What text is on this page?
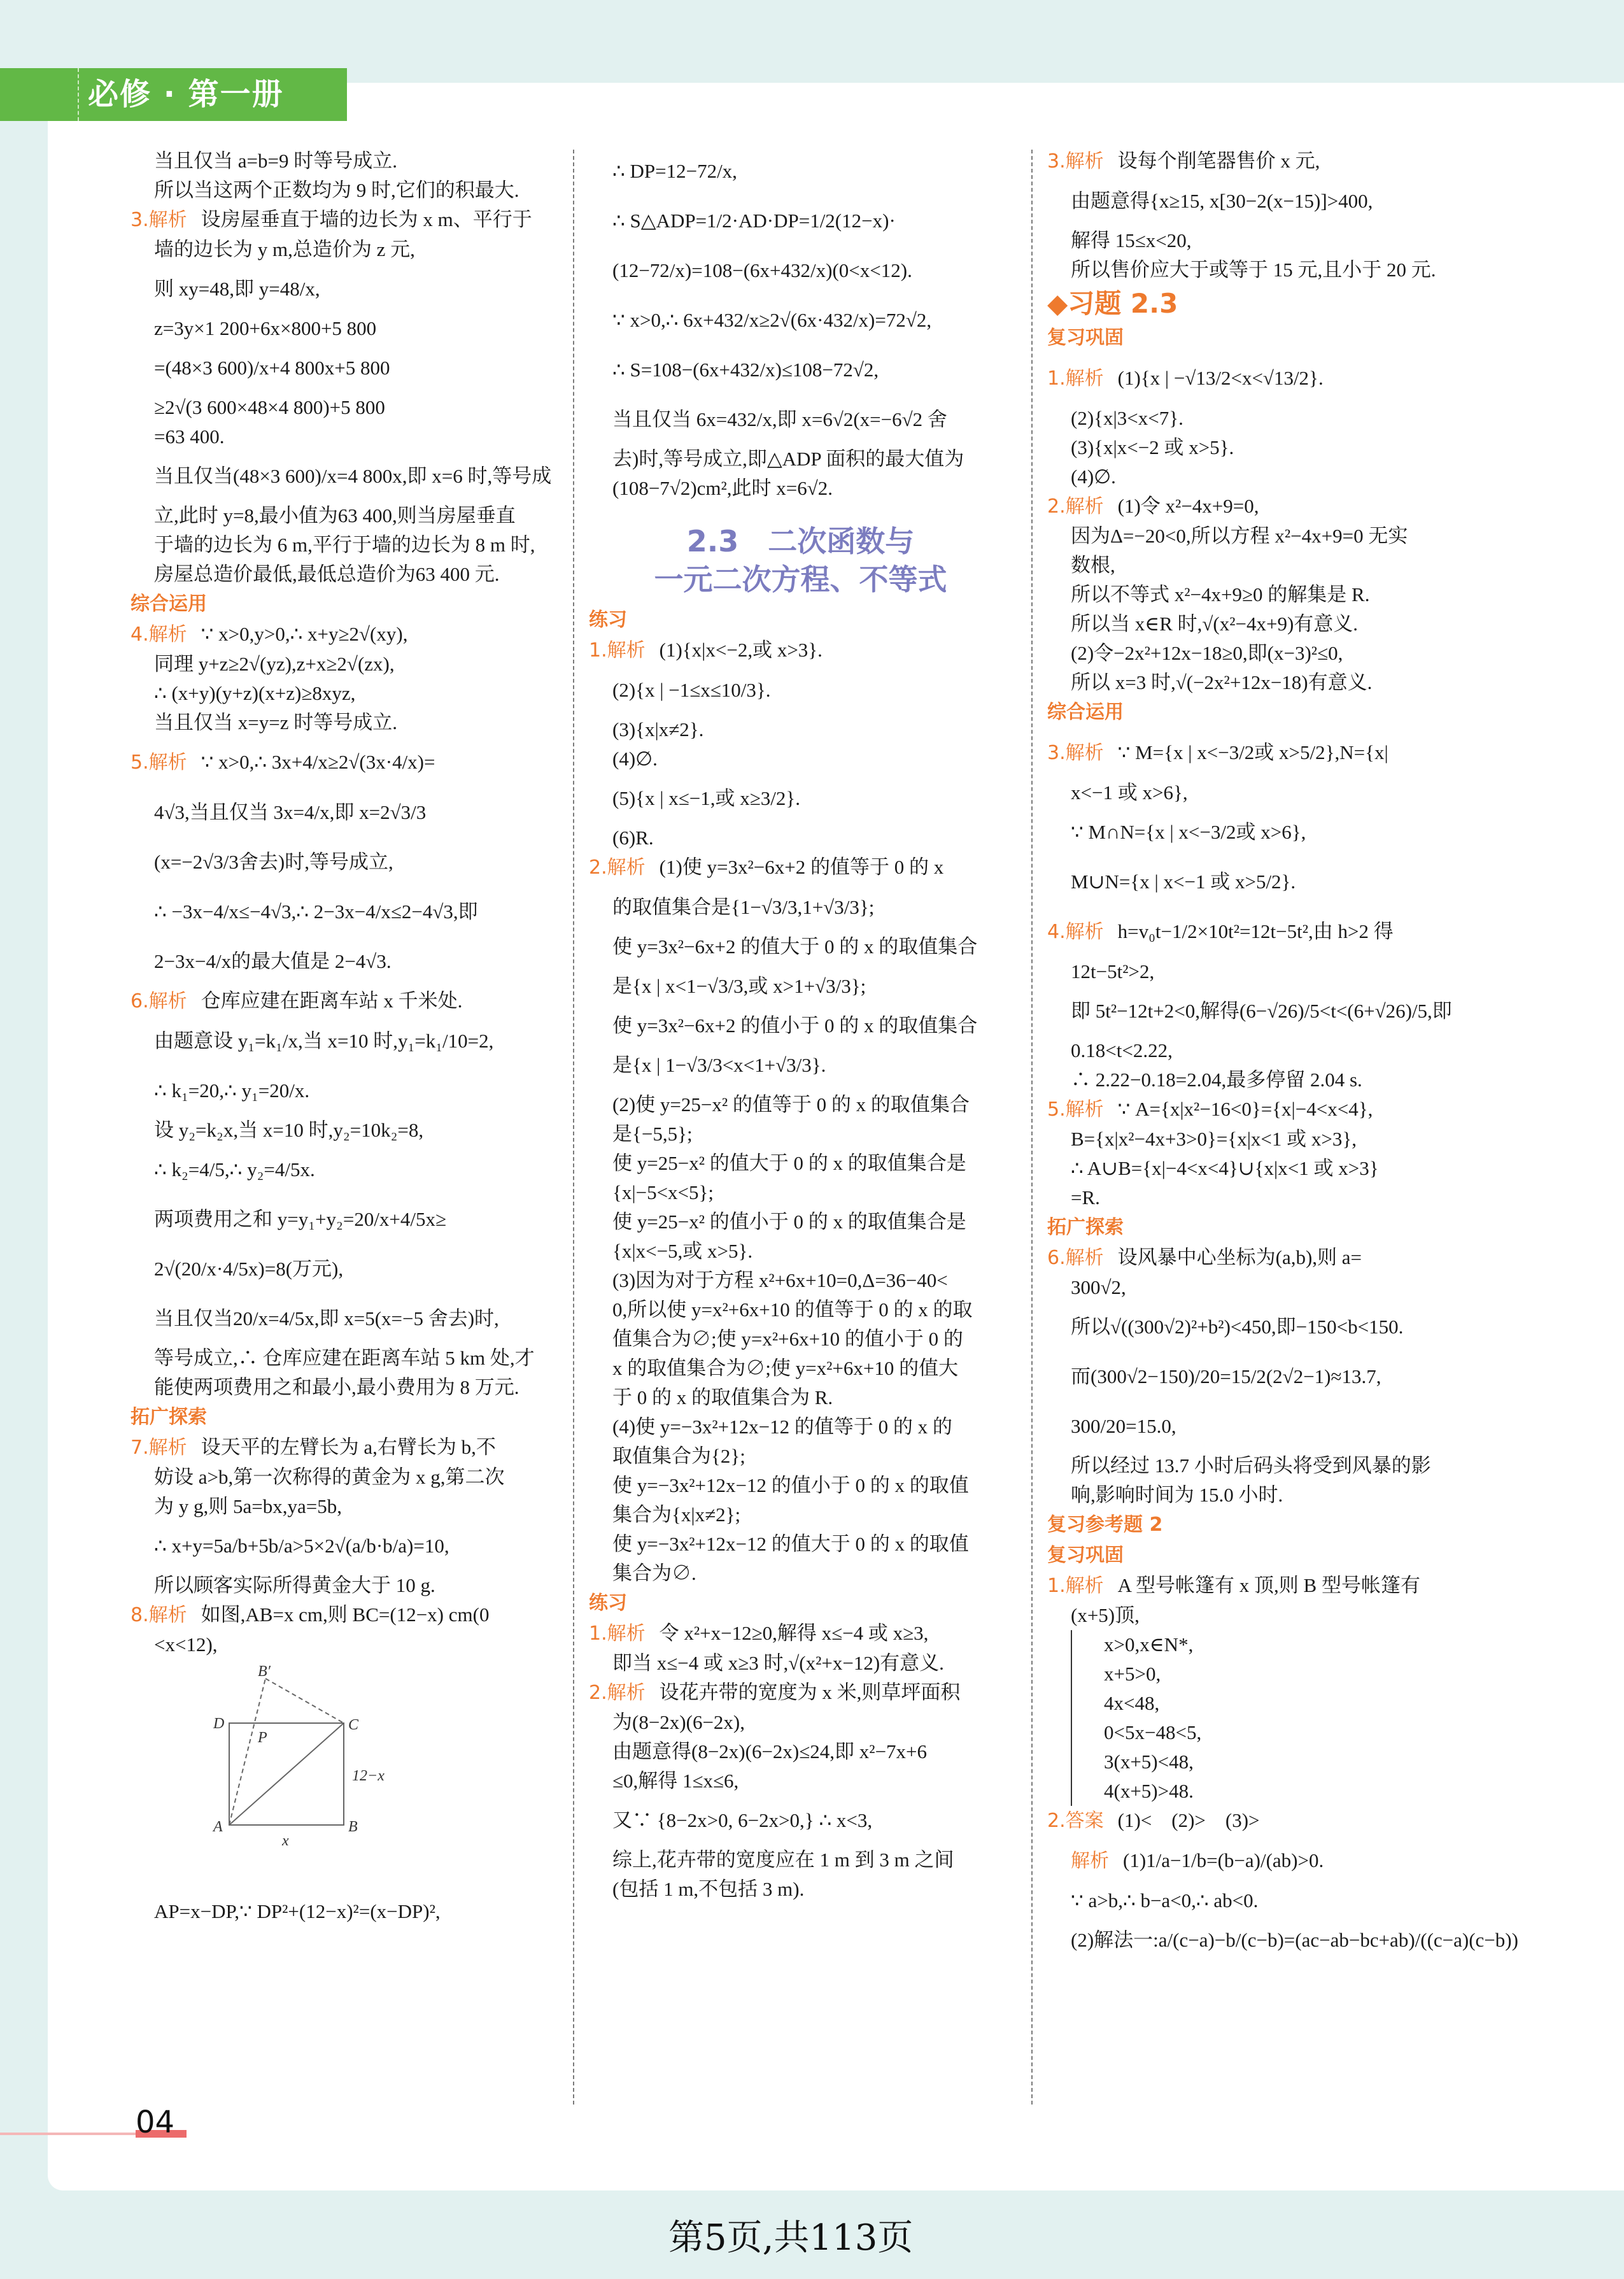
必修 · 第一册
当且仅当 a=b=9 时等号成立.
所以当这两个正数均为 9 时,它们的积最大.
3.解析 设房屋垂直于墙的边长为 x m、平行于
墙的边长为 y m,总造价为 z 元,
则 xy=48,即 y=48/x,
z=3y×1 200+6x×800+5 800
=(48×3 600)/x+4 800x+5 800
≥2√(3 600×48×4 800)+5 800
=63 400.
当且仅当(48×3 600)/x=4 800x,即 x=6 时,等号成
立,此时 y=8,最小值为63 400,则当房屋垂直
于墙的边长为 6 m,平行于墙的边长为 8 m 时,
房屋总造价最低,最低总造价为63 400 元.
综合运用
4.解析 ∵ x>0,y>0,∴ x+y≥2√(xy),
同理 y+z≥2√(yz),z+x≥2√(zx),
∴ (x+y)(y+z)(x+z)≥8xyz,
当且仅当 x=y=z 时等号成立.
5.解析 ∵ x>0,∴ 3x+4/x≥2√(3x·4/x)=
4√3,当且仅当 3x=4/x,即 x=2√3/3
(x=−2√3/3舍去)时,等号成立,
∴ −3x−4/x≤−4√3,∴ 2−3x−4/x≤2−4√3,即
2−3x−4/x的最大值是 2−4√3.
6.解析 仓库应建在距离车站 x 千米处.
由题意设 y₁=k₁/x,当 x=10 时,y₁=k₁/10=2,
∴ k₁=20,∴ y₁=20/x.
设 y₂=k₂x,当 x=10 时,y₂=10k₂=8,
∴ k₂=4/5,∴ y₂=4/5x.
两项费用之和 y=y₁+y₂=20/x+4/5x≥
2√(20/x·4/5x)=8(万元),
当且仅当20/x=4/5x,即 x=5(x=−5 舍去)时,
等号成立,∴ 仓库应建在距离车站 5 km 处,才
能使两项费用之和最小,最小费用为 8 万元.
拓广探索
7.解析 设天平的左臂长为 a,右臂长为 b,不
妨设 a>b,第一次称得的黄金为 x g,第二次
为 y g,则 5a=bx,ya=5b,
∴ x+y=5a/b+5b/a>5×2√(a/b·b/a)=10,
所以顾客实际所得黄金大于 10 g.
8.解析 如图,AB=x cm,则 BC=(12−x) cm(0
<x<12),
D	C
A	B
P
B′
12−x
x
AP=x−DP,∵ DP²+(12−x)²=(x−DP)²,
∴ DP=12−72/x,
∴ S△ADP=1/2·AD·DP=1/2(12−x)·
(12−72/x)=108−(6x+432/x)(0<x<12).
∵ x>0,∴ 6x+432/x≥2√(6x·432/x)=72√2,
∴ S=108−(6x+432/x)≤108−72√2,
当且仅当 6x=432/x,即 x=6√2(x=−6√2 舍
去)时,等号成立,即△ADP 面积的最大值为
(108−7√2)cm²,此时 x=6√2.
2.3　二次函数与
一元二次方程、不等式
练习
1.解析 (1){x|x<−2,或 x>3}.
(2){x | −1≤x≤10/3}.
(3){x|x≠2}.
(4)∅.
(5){x | x≤−1,或 x≥3/2}.
(6)R.
2.解析 (1)使 y=3x²−6x+2 的值等于 0 的 x
的取值集合是{1−√3/3,1+√3/3};
使 y=3x²−6x+2 的值大于 0 的 x 的取值集合
是{x | x<1−√3/3,或 x>1+√3/3};
使 y=3x²−6x+2 的值小于 0 的 x 的取值集合
是{x | 1−√3/3<x<1+√3/3}.
(2)使 y=25−x² 的值等于 0 的 x 的取值集合
是{−5,5};
使 y=25−x² 的值大于 0 的 x 的取值集合是
{x|−5<x<5};
使 y=25−x² 的值小于 0 的 x 的取值集合是
{x|x<−5,或 x>5}.
(3)因为对于方程 x²+6x+10=0,Δ=36−40<
0,所以使 y=x²+6x+10 的值等于 0 的 x 的取
值集合为∅;使 y=x²+6x+10 的值小于 0 的
x 的取值集合为∅;使 y=x²+6x+10 的值大
于 0 的 x 的取值集合为 R.
(4)使 y=−3x²+12x−12 的值等于 0 的 x 的
取值集合为{2};
使 y=−3x²+12x−12 的值小于 0 的 x 的取值
集合为{x|x≠2};
使 y=−3x²+12x−12 的值大于 0 的 x 的取值
集合为∅.
练习
1.解析 令 x²+x−12≥0,解得 x≤−4 或 x≥3,
即当 x≤−4 或 x≥3 时,√(x²+x−12)有意义.
2.解析 设花卉带的宽度为 x 米,则草坪面积
为(8−2x)(6−2x),
由题意得(8−2x)(6−2x)≤24,即 x²−7x+6
≤0,解得 1≤x≤6,
又∵ {8−2x>0, 6−2x>0,} ∴ x<3,
综上,花卉带的宽度应在 1 m 到 3 m 之间
(包括 1 m,不包括 3 m).
3.解析 设每个削笔器售价 x 元,
由题意得{x≥15, x[30−2(x−15)]>400,
解得 15≤x<20,
所以售价应大于或等于 15 元,且小于 20 元.
◆习题 2.3
复习巩固
1.解析 (1){x | −√13/2<x<√13/2}.
(2){x|3<x<7}.
(3){x|x<−2 或 x>5}.
(4)∅.
2.解析 (1)令 x²−4x+9=0,
因为Δ=−20<0,所以方程 x²−4x+9=0 无实
数根,
所以不等式 x²−4x+9≥0 的解集是 R.
所以当 x∈R 时,√(x²−4x+9)有意义.
(2)令−2x²+12x−18≥0,即(x−3)²≤0,
所以 x=3 时,√(−2x²+12x−18)有意义.
综合运用
3.解析 ∵ M={x | x<−3/2或 x>5/2},N={x|
x<−1 或 x>6},
∵ M∩N={x | x<−3/2或 x>6},
M∪N={x | x<−1 或 x>5/2}.
4.解析 h=v₀t−1/2×10t²=12t−5t²,由 h>2 得
12t−5t²>2,
即 5t²−12t+2<0,解得(6−√26)/5<t<(6+√26)/5,即
0.18<t<2.22,
∴ 2.22−0.18=2.04,最多停留 2.04 s.
5.解析 ∵ A={x|x²−16<0}={x|−4<x<4},
B={x|x²−4x+3>0}={x|x<1 或 x>3},
∴ A∪B={x|−4<x<4}∪{x|x<1 或 x>3}
=R.
拓广探索
6.解析 设风暴中心坐标为(a,b),则 a=
300√2,
所以√((300√2)²+b²)<450,即−150<b<150.
而(300√2−150)/20=15/2(2√2−1)≈13.7,
300/20=15.0,
所以经过 13.7 小时后码头将受到风暴的影
响,影响时间为 15.0 小时.
复习参考题 2
复习巩固
1.解析 A 型号帐篷有 x 顶,则 B 型号帐篷有
(x+5)顶,
x>0,x∈N*,
x+5>0,
4x<48,
0<5x−48<5,
3(x+5)<48,
4(x+5)>48.
2.答案 (1)<　(2)>　(3)>
解析 (1)1/a−1/b=(b−a)/(ab)>0.
∵ a>b,∴ b−a<0,∴ ab<0.
(2)解法一:a/(c−a)−b/(c−b)=(ac−ab−bc+ab)/((c−a)(c−b))
04
第5页,共113页
